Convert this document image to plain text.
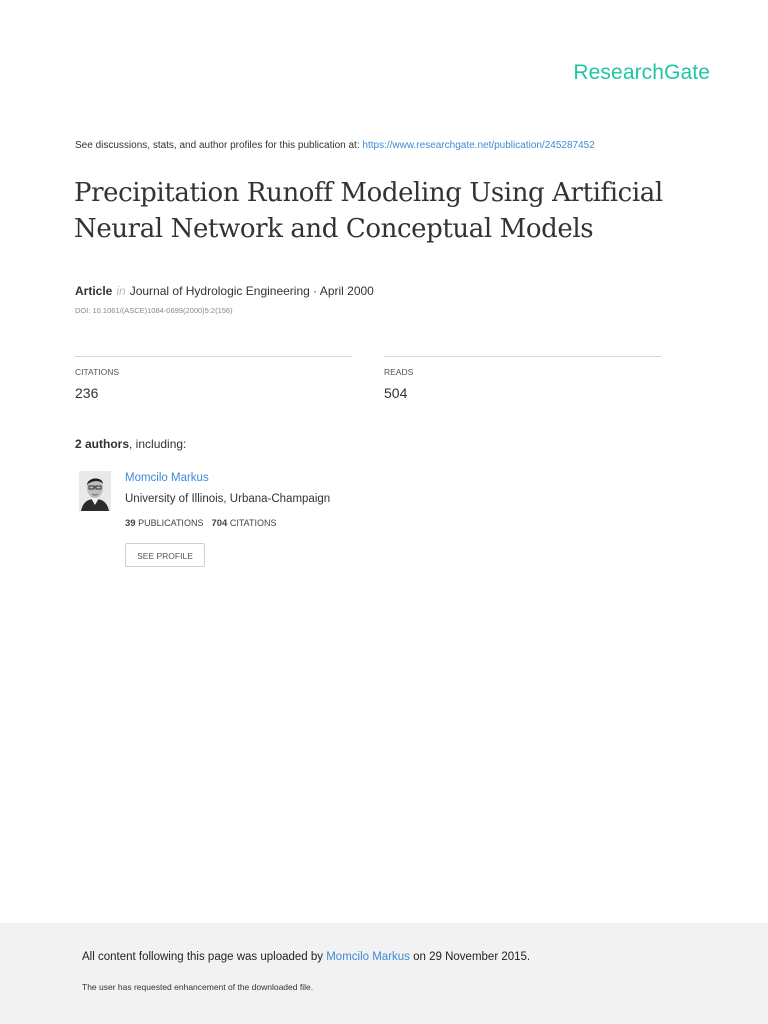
ResearchGate
See discussions, stats, and author profiles for this publication at: https://www.researchgate.net/publication/245287452
Precipitation Runoff Modeling Using Artificial
Neural Network and Conceptual Models
Article in Journal of Hydrologic Engineering · April 2000
DOI: 10.1061/(ASCE)1084-0699(2000)5:2(156)
CITATIONS
236
READS
504
2 authors, including:
Momcilo Markus
University of Illinois, Urbana-Champaign
39 PUBLICATIONS 704 CITATIONS
SEE PROFILE
All content following this page was uploaded by Momcilo Markus on 29 November 2015.
The user has requested enhancement of the downloaded file.
